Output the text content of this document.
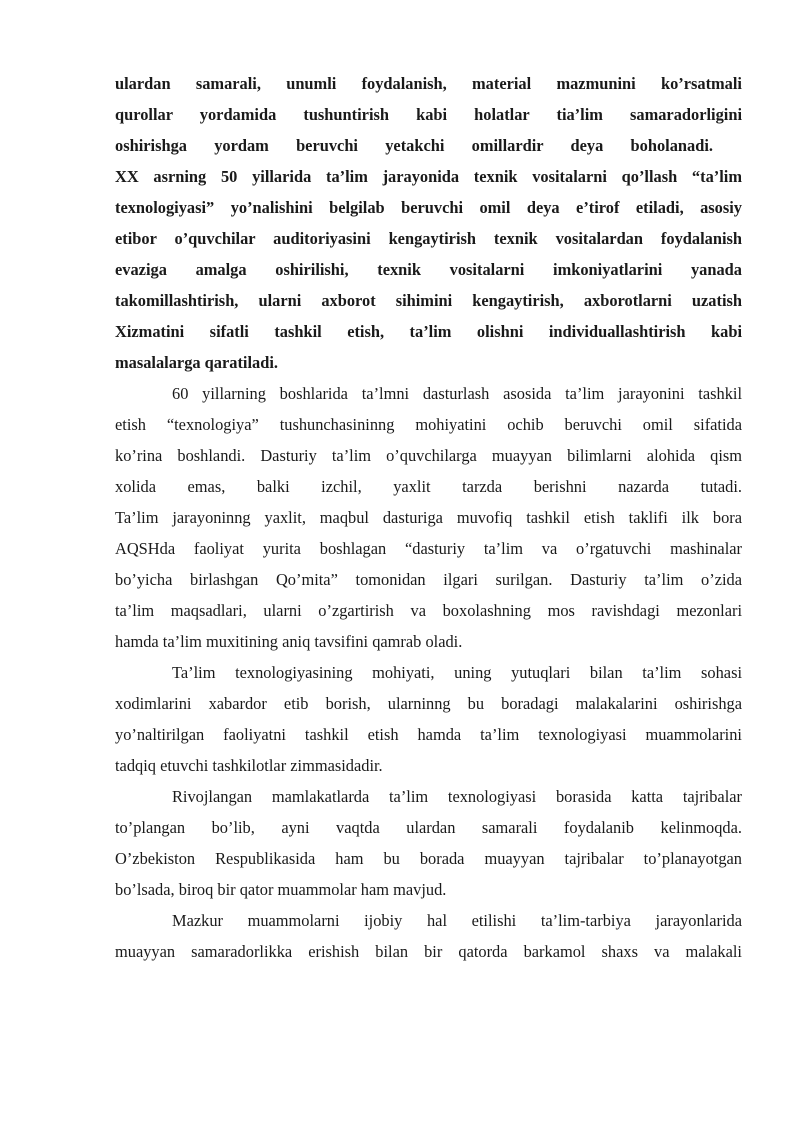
ulardan samarali, unumli foydalanish, material mazmunini ko’rsatmali
qurollar yordamida tushuntirish kabi holatlar tia’lim samaradorligini
oshirishga yordam beruvchi yetakchi omillardir deya boholanadi.

XX asrning 50 yillarida ta’lim jarayonida texnik vositalarni qo’llash “ta’lim
texnologiyasi” yo’nalishini belgilab beruvchi omil deya e’tirof etiladi, asosiy
etibor o’quvchilar auditoriyasini kengaytirish texnik vositalardan foydalanish
evaziga amalga oshirilishi, texnik vositalarni imkoniyatlarini yanada
takomillashtirish, ularni axborot sihimini kengaytirish, axborotlarni uzatish
Xizmatini sifatli tashkil etish, ta’lim olishni individuallashtirish kabi
masalalarga qaratiladi.

60 yillarning boshlarida ta’lmni dasturlash asosida ta’lim jarayonini tashkil
etish “texnologiya” tushunchasininng mohiyatini ochib beruvchi omil sifatida
ko’rina boshlandi. Dasturiy ta’lim o’quvchilarga muayyan bilimlarni alohida qism
xolida emas, balki izchil, yaxlit tarzda berishni nazarda tutadi.
Ta’lim jarayoninng yaxlit, maqbul dasturiga muvofiq tashkil etish taklifi ilk bora
AQSHda faoliyat yurita boshlagan “dasturiy ta’lim va o’rgatuvchi mashinalar
bo’yicha birlashgan Qo’mita” tomonidan ilgari surilgan. Dasturiy ta’lim o’zida
ta’lim maqsadlari, ularni o’zgartirish va boxolashning mos ravishdagi mezonlari
hamda ta’lim muxitining aniq tavsifini qamrab oladi.

Ta’lim texnologiyasining mohiyati, uning yutuqlari bilan ta’lim sohasi
xodimlarini xabardor etib borish, ularninng bu boradagi malakalarini oshirishga
yo’naltirilgan faoliyatni tashkil etish hamda ta’lim texnologiyasi muammolarini
tadqiq etuvchi tashkilotlar zimmasidadir.

Rivojlangan mamlakatlarda ta’lim texnologiyasi borasida katta tajribalar
to’plangan bo’lib, ayni vaqtda ulardan samarali foydalanib kelinmoqda.
O’zbekiston Respublikasida ham bu borada muayyan tajribalar to’planayotgan
bo’lsada, biroq bir qator muammolar ham mavjud.

Mazkur muammolarni ijobiy hal etilishi ta’lim-tarbiya jarayonlarida
muayyan samaradorlikka erishish bilan bir qatorda barkamol shaxs va malakali
